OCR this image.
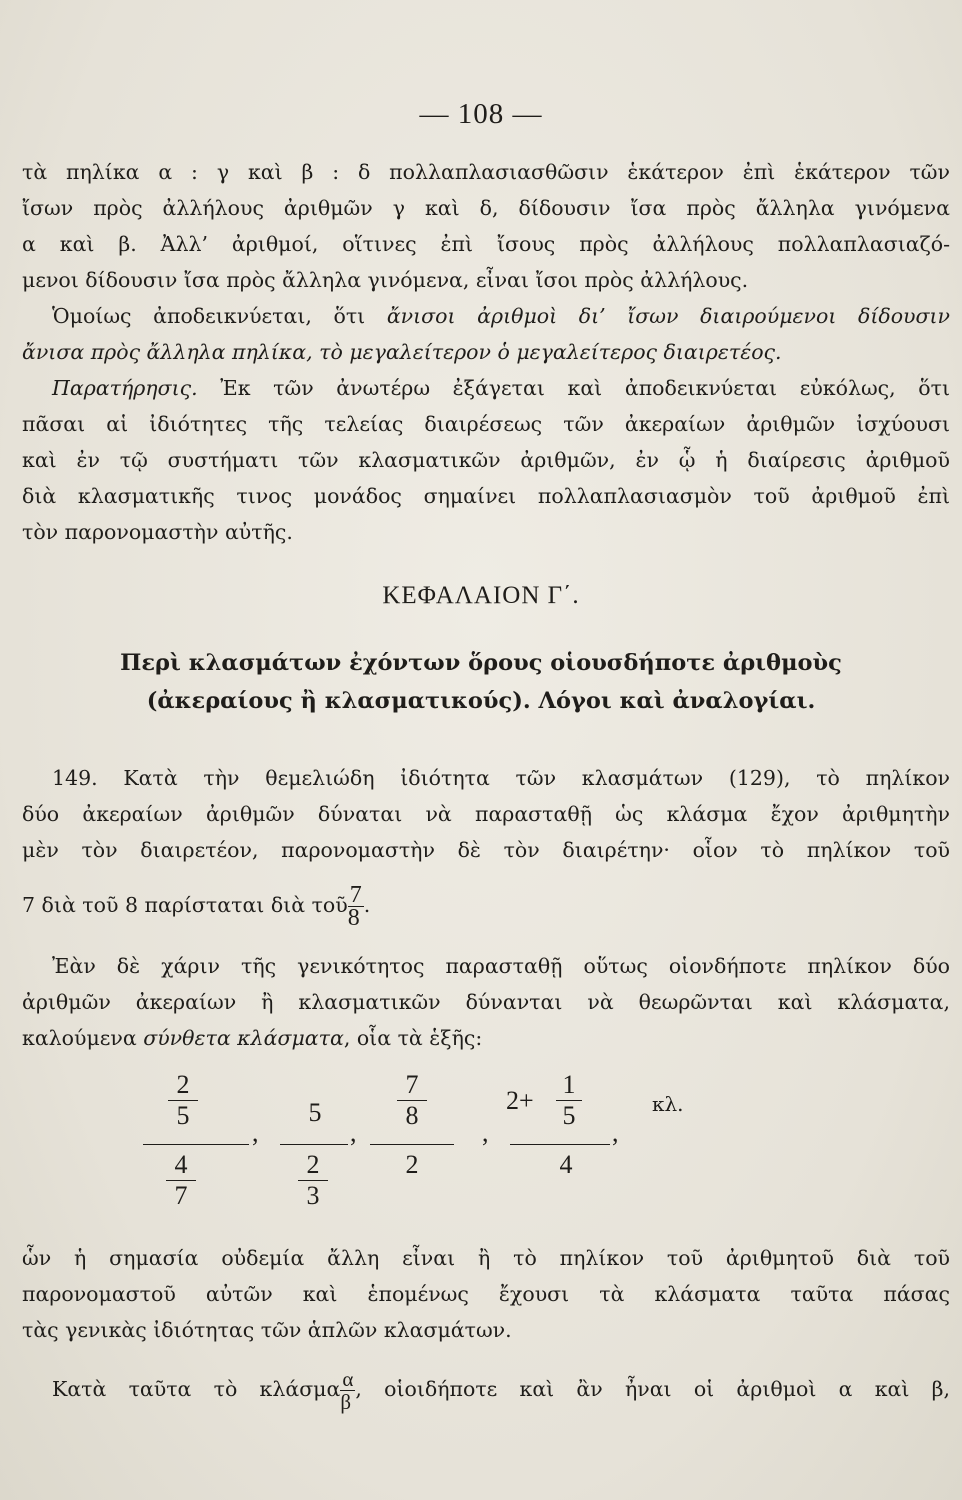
— 108 —
τὰ πηλίκα α : γ καὶ β : δ πολλαπλασιασθῶσιν ἑκάτερον ἐπὶ ἑκάτερον τῶν
ἴσων πρὸς ἀλλήλους ἀριθμῶν γ καὶ δ, δίδουσιν ἴσα πρὸς ἄλληλα γινόμενα
α καὶ β. Ἀλλ’ ἀριθμοί, οἵτινες ἐπὶ ἴσους πρὸς ἀλλήλους πολλαπλασιαζό-
μενοι δίδουσιν ἴσα πρὸς ἄλληλα γινόμενα, εἶναι ἴσοι πρὸς ἀλλήλους.
Ὁμοίως ἀποδεικνύεται, ὅτι ἄνισοι ἀριθμοὶ δι’ ἴσων διαιρούμενοι δίδουσιν
ἄνισα πρὸς ἄλληλα πηλίκα, τὸ μεγαλείτερον ὁ μεγαλείτερος διαιρετέος.
Παρατήρησις. Ἐκ τῶν ἀνωτέρω ἐξάγεται καὶ ἀποδεικνύεται εὐκόλως, ὅτι
πᾶσαι αἱ ἰδιότητες τῆς τελείας διαιρέσεως τῶν ἀκεραίων ἀριθμῶν ἰσχύουσι
καὶ ἐν τῷ συστήματι τῶν κλασματικῶν ἀριθμῶν, ἐν ᾧ ἡ διαίρεσις ἀριθμοῦ
διὰ κλασματικῆς τινος μονάδος σημαίνει πολλαπλασιασμὸν τοῦ ἀριθμοῦ ἐπὶ
τὸν παρονομαστὴν αὐτῆς.
ΚΕΦΑΛΑΙΟΝ Γ΄.
Περὶ κλασμάτων ἐχόντων ὅρους οἱουσδήποτε ἀριθμοὺς
(ἀκεραίους ἢ κλασματικούς). Λόγοι καὶ ἀναλογίαι.
149. Κατὰ τὴν θεμελιώδη ἰδιότητα τῶν κλασμάτων (129), τὸ πηλίκον
δύο ἀκεραίων ἀριθμῶν δύναται νὰ παρασταθῇ ὡς κλάσμα ἔχον ἀριθμητὴν
μὲν τὸν διαιρετέον, παρονομαστὴν δὲ τὸν διαιρέτην· οἷον τὸ πηλίκον τοῦ
7 διὰ τοῦ 8 παρίσταται διὰ τοῦ $\frac{7}{8}$ .
Ἐὰν δὲ χάριν τῆς γενικότητος παρασταθῇ οὕτως οἱονδήποτε πηλίκον δύο
ἀριθμῶν ἀκεραίων ἢ κλασματικῶν δύνανται νὰ θεωρῶνται καὶ κλάσματα,
καλούμενα σύνθετα κλάσματα, οἷα τὰ ἑξῆς:
$\frac{2}{5}$
,
$\frac{4}{7}$
5
,
$\frac{2}{3}$
$\frac{7}{8}$
,
2
$2+ \frac{1}{5}$	κλ.
,
4
ὧν ἡ σημασία οὐδεμία ἄλλη εἶναι ἢ τὸ πηλίκον τοῦ ἀριθμητοῦ διὰ τοῦ
παρονομαστοῦ αὐτῶν καὶ ἑπομένως ἔχουσι τὰ κλάσματα ταῦτα πάσας
τὰς γενικὰς ἰδιότητας τῶν ἁπλῶν κλασμάτων.
Κατὰ ταῦτα τὸ κλάσμα $\frac{\alpha}{\beta}$ , οἱοιδήποτε καὶ ἂν ἦναι οἱ ἀριθμοὶ α καὶ β,
